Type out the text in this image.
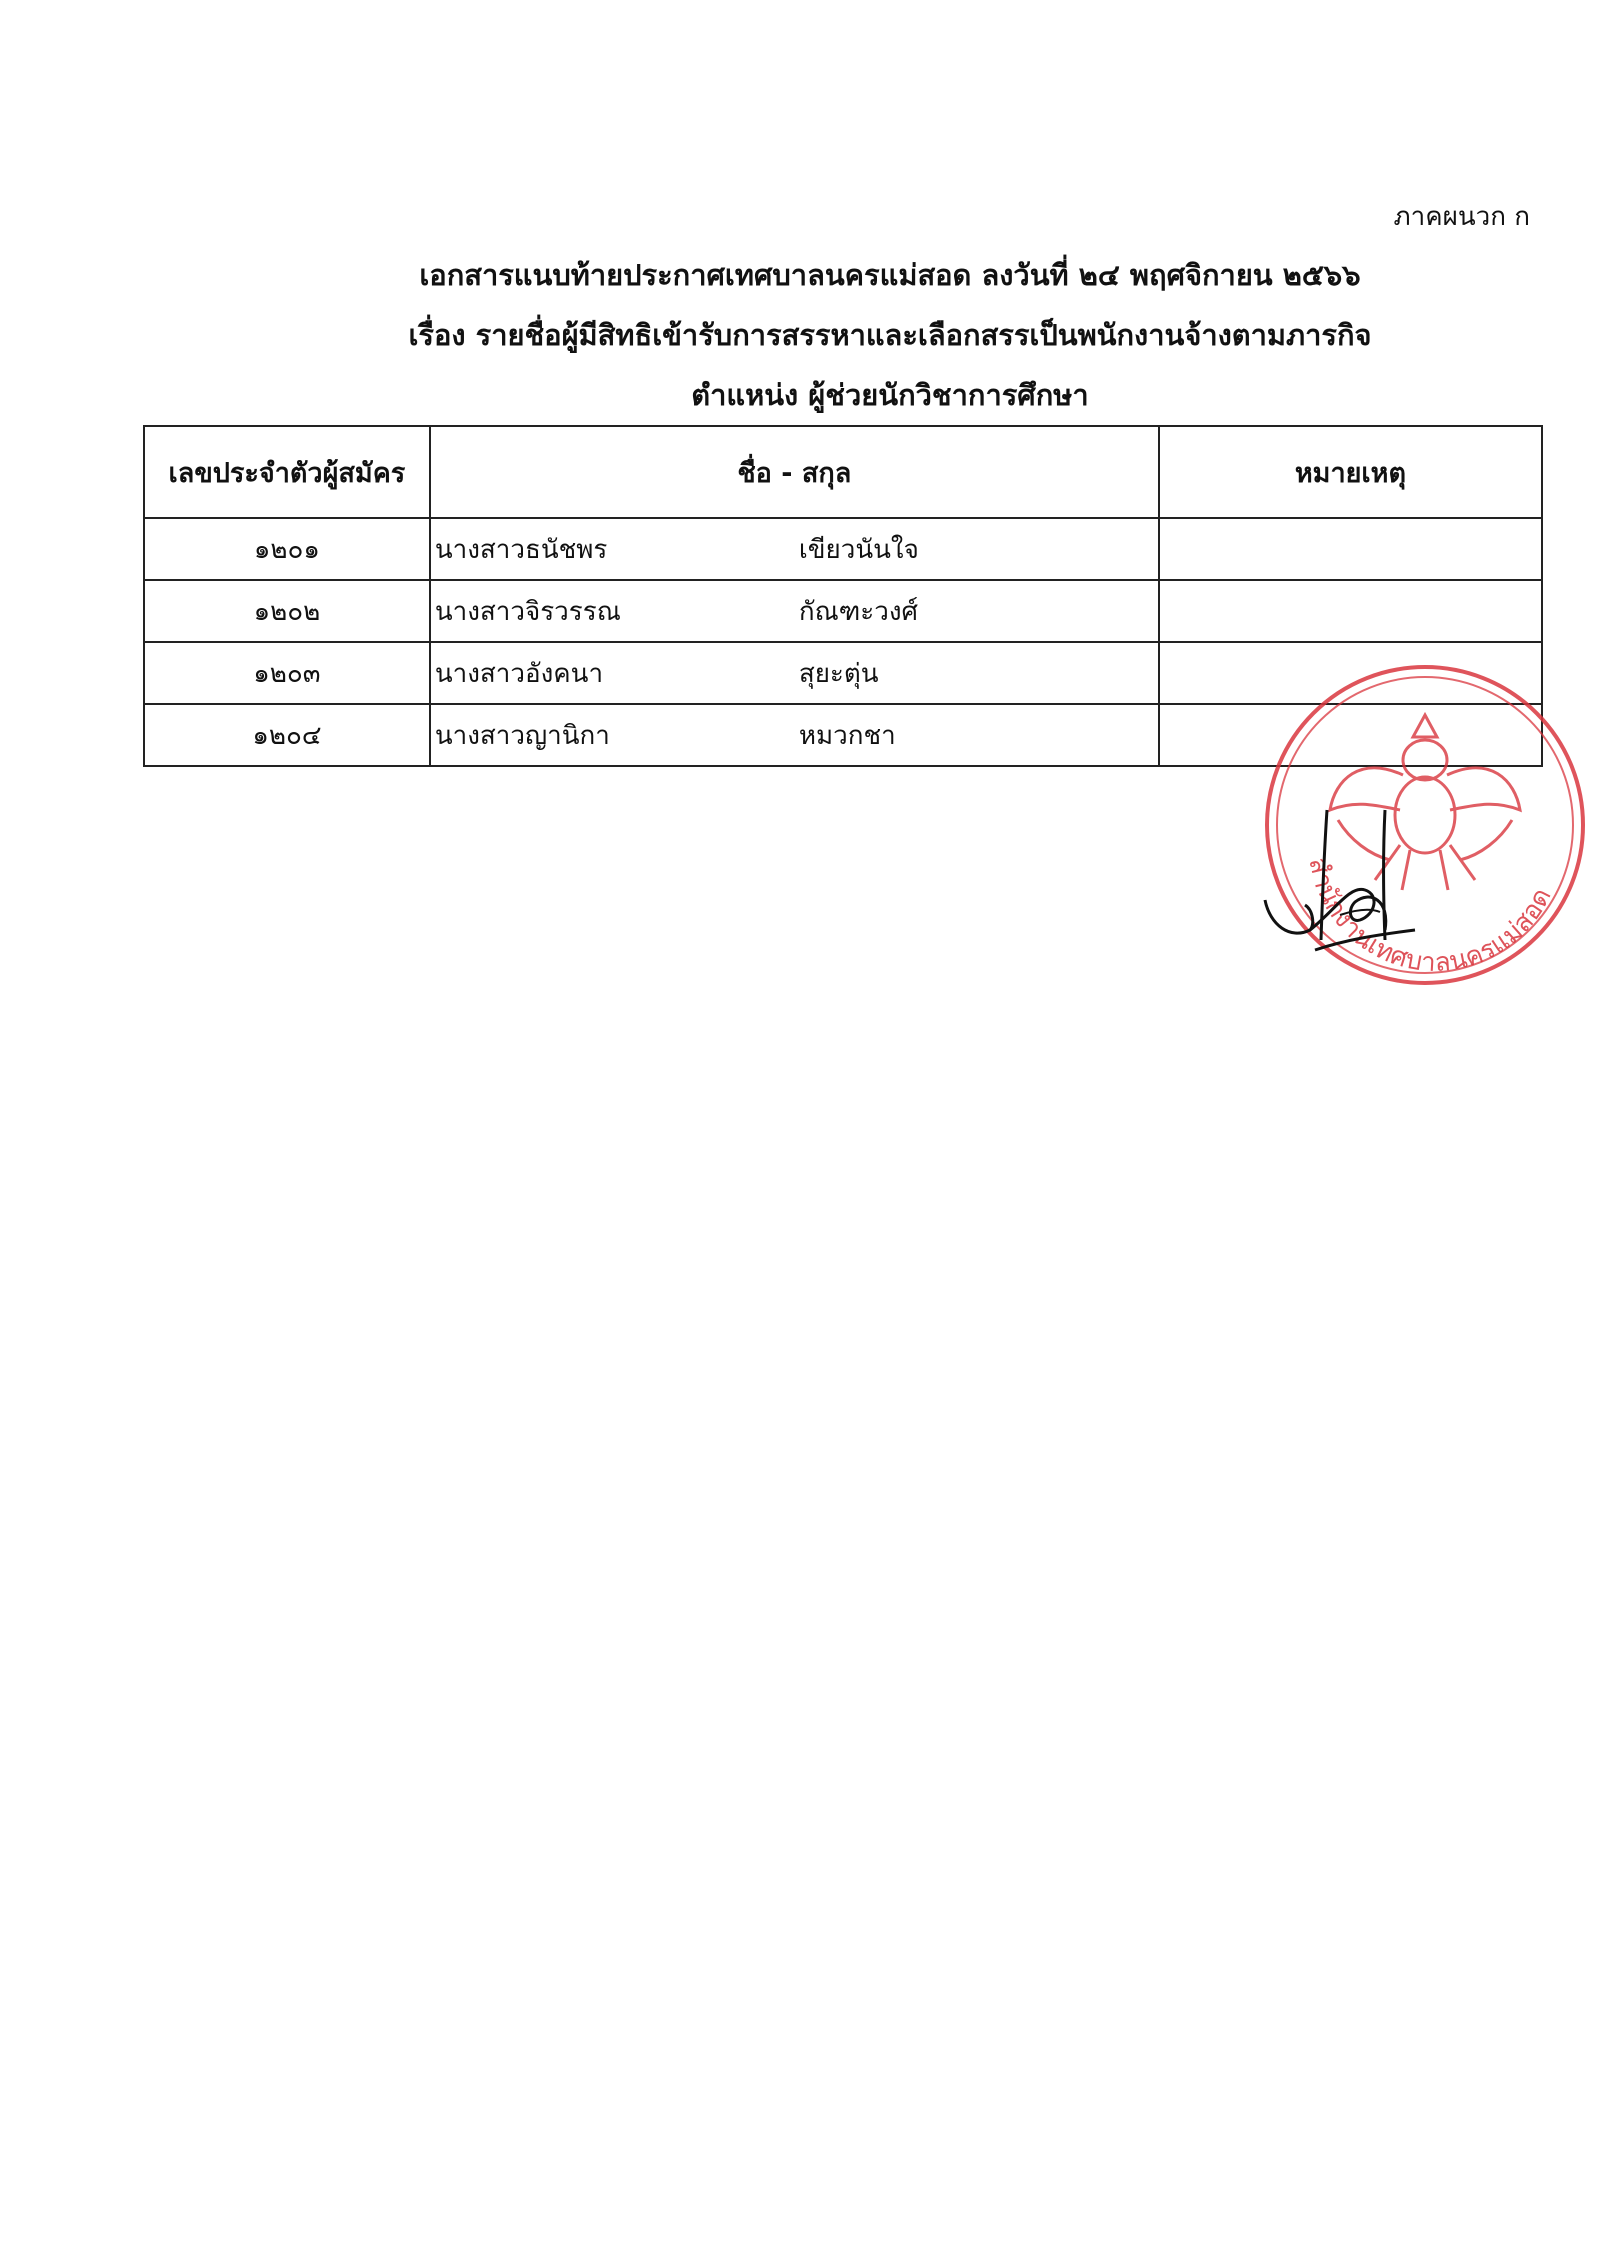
ภาคผนวก ก
เอกสารแนบท้ายประกาศเทศบาลนครแม่สอด ลงวันที่ ๒๔ พฤศจิกายน ๒๕๖๖
เรื่อง รายชื่อผู้มีสิทธิเข้ารับการสรรหาและเลือกสรรเป็นพนักงานจ้างตามภารกิจ
ตำแหน่ง ผู้ช่วยนักวิชาการศึกษา
เลขประจำตัวผู้สมัคร	ชื่อ - สกุล	หมายเหตุ
๑๒๐๑	นางสาวธนัชพร เขียวนันใจ	

๑๒๐๒	นางสาวจิรวรรณ กัณฑะวงศ์	

๑๒๐๓	นางสาวอังคนา สุยะตุ่น	

๑๒๐๔	นางสาวญานิกา หมวกชา	

สำนักงานเทศบาลนครแม่สอด
